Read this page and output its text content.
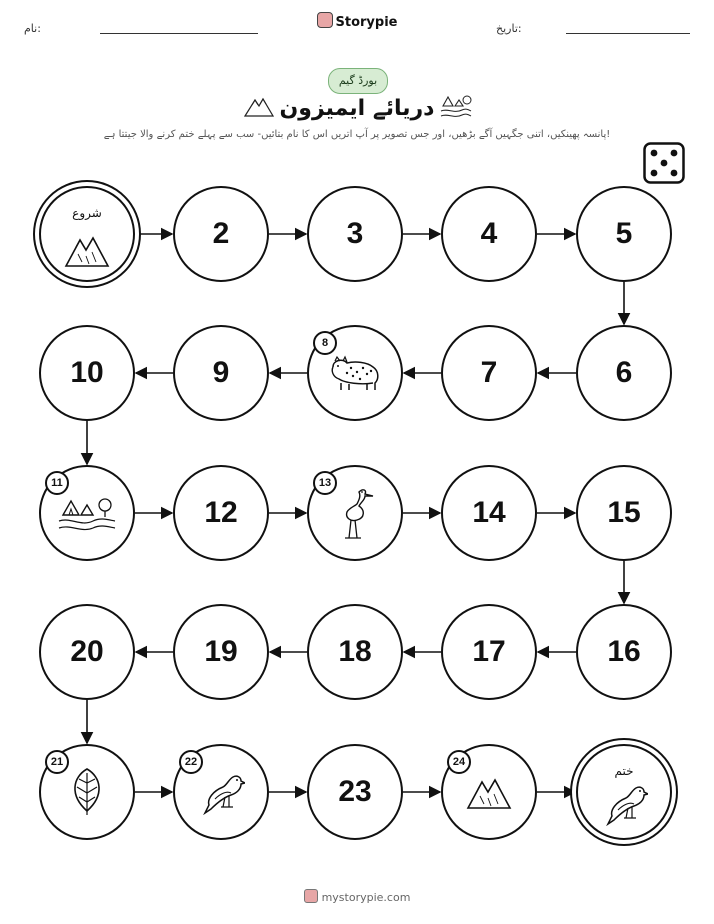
نام:	Storypie	تاریخ:
بورڈ گیم
دریائے ایمیزون
پانسہ پھینکیں، اتنی جگہیں آگے بڑھیں، اور جس تصویر پر آپ اتریں اس کا نام بتائیں- سب سے پہلے ختم کرنے والا جیتتا ہے!
شروع
2	3	4	5
6
7
8
9
10
11
12
13
14	15
16
17
18
19
20
21	22
23
24
ختم
mystorypie.com
